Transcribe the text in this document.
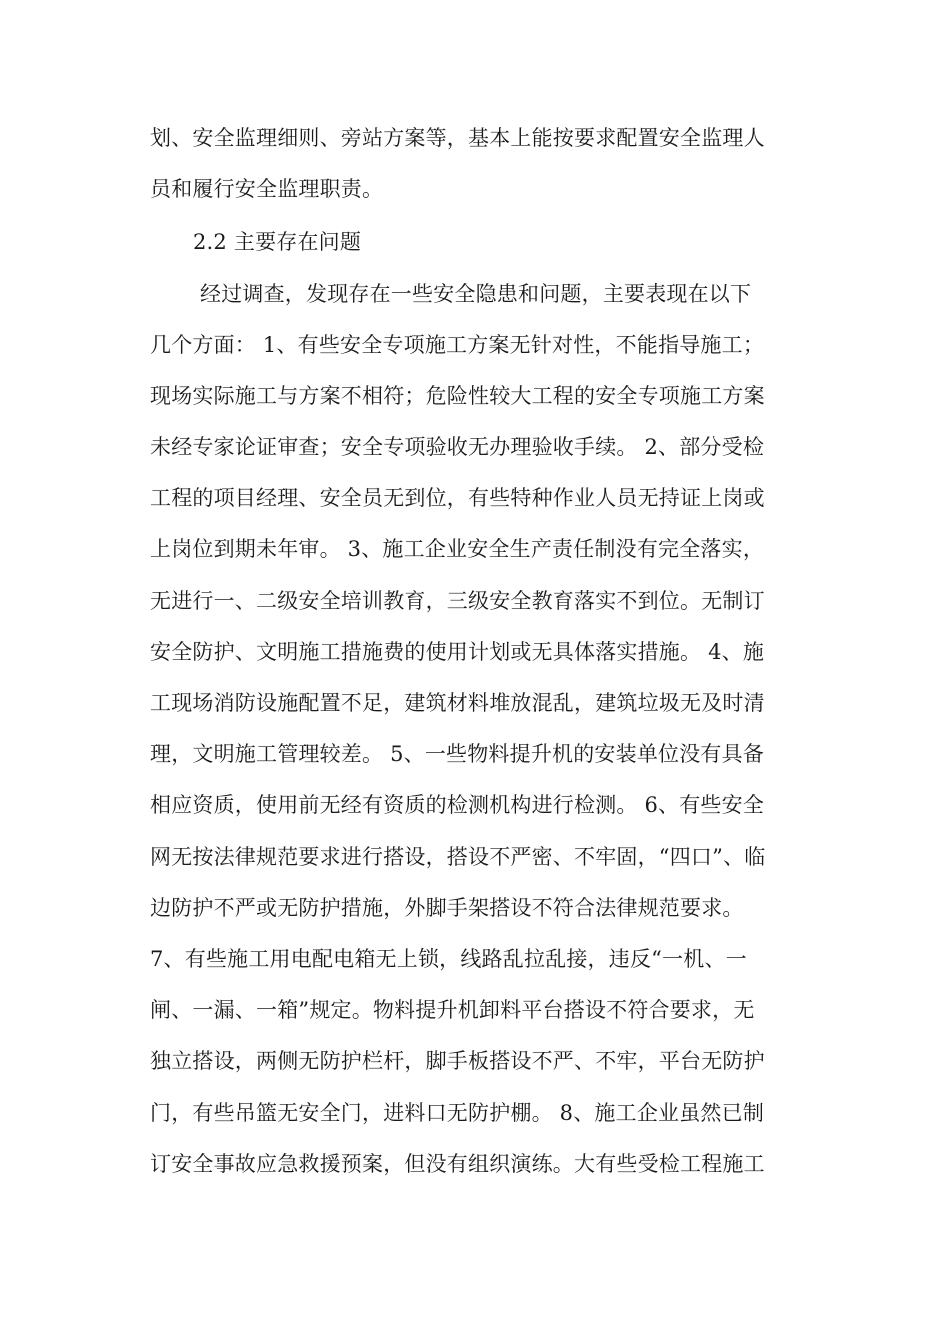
划、安全监理细则、旁站方案等，基本上能按要求配置安全监理人
员和履行安全监理职责。
2.2 主要存在问题
经过调查，发现存在一些安全隐患和问题，主要表现在以下
几个方面： 1、有些安全专项施工方案无针对性，不能指导施工；
现场实际施工与方案不相符；危险性较大工程的安全专项施工方案
未经专家论证审查；安全专项验收无办理验收手续。 2、部分受检
工程的项目经理、安全员无到位，有些特种作业人员无持证上岗或
上岗位到期未年审。 3、施工企业安全生产责任制没有完全落实，
无进行一、二级安全培训教育，三级安全教育落实不到位。无制订
安全防护、文明施工措施费的使用计划或无具体落实措施。 4、施
工现场消防设施配置不足，建筑材料堆放混乱，建筑垃圾无及时清
理，文明施工管理较差。 5、一些物料提升机的安装单位没有具备
相应资质，使用前无经有资质的检测机构进行检测。 6、有些安全
网无按法律规范要求进行搭设，搭设不严密、不牢固，“四口”、临
边防护不严或无防护措施，外脚手架搭设不符合法律规范要求。
7、有些施工用电配电箱无上锁，线路乱拉乱接，违反“一机、一
闸、一漏、一箱”规定。物料提升机卸料平台搭设不符合要求，无
独立搭设，两侧无防护栏杆，脚手板搭设不严、不牢，平台无防护
门，有些吊篮无安全门，进料口无防护棚。 8、施工企业虽然已制
订安全事故应急救援预案，但没有组织演练。大有些受检工程施工
